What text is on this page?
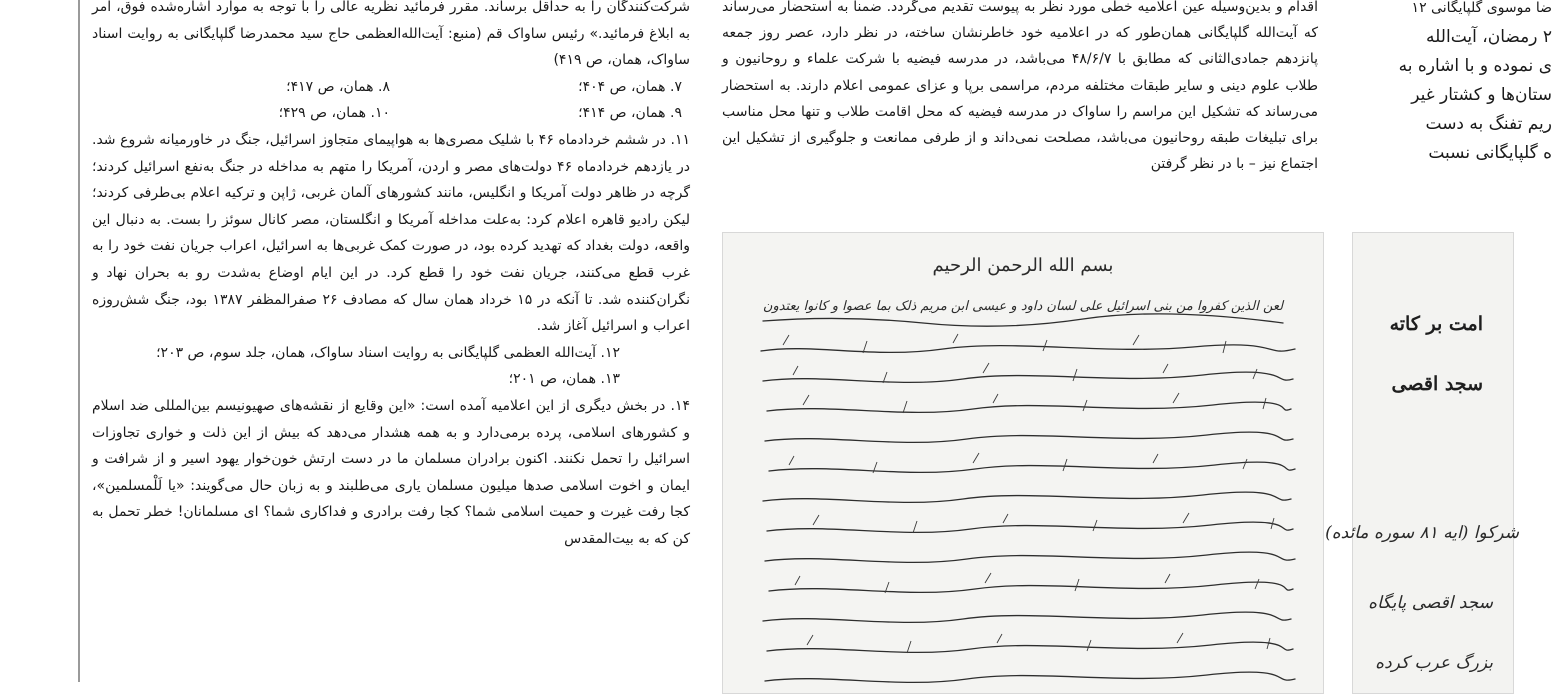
شرکت‌کنندگان را به حداقل برساند. مقرر فرمائید نظریه عالی را با توجه به موارد اشاره‌شده فوق، امر به ابلاغ فرمائید.» رئیس ساواک قم (منبع: آیت‌الله‌العظمی حاج سید محمدرضا گلپایگانی به روایت اسناد ساواک، همان، ص ۴۱۹)

۷. همان، ص ۴۰۴؛
۸. همان، ص ۴۱۷؛
۹. همان، ص ۴۱۴؛
۱۰. همان، ص ۴۲۹؛

۱۱. در ششم خردادماه ۴۶ با شلیک مصری‌ها به هواپیمای متجاوز اسرائیل، جنگ در خاورمیانه شروع شد. در یازدهم خردادماه ۴۶ دولت‌های مصر و اردن، آمریکا را متهم به مداخله در جنگ به‌نفع اسرائیل کردند؛ گرچه در ظاهر دولت آمریکا و انگلیس، مانند کشورهای آلمان غربی، ژاپن و ترکیه اعلام بی‌طرفی کردند؛ لیکن رادیو قاهره اعلام کرد: به‌علت مداخله آمریکا و انگلستان، مصر کانال سوئز را بست. به دنبال این واقعه، دولت بغداد که تهدید کرده بود، در صورت کمک غربی‌ها به اسرائیل، اعراب جریان نفت خود را به غرب قطع می‌کنند، جریان نفت خود را قطع کرد. در این ایام اوضاع به‌شدت رو به بحران نهاد و نگران‌کننده شد. تا آنکه در ۱۵ خرداد همان سال که مصادف ۲۶ صفرالمظفر ۱۳۸۷ بود، جنگ شش‌روزه اعراب و اسرائیل آغاز شد.

۱۲. آیت‌الله العظمی گلپایگانی به روایت اسناد ساواک، همان، جلد سوم، ص ۲۰۳؛

۱۳. همان، ص ۲۰۱؛

۱۴. در بخش دیگری از این اعلامیه آمده است: «این وقایع از نقشه‌های صهیونیسم بین‌المللی ضد اسلام و کشورهای اسلامی، پرده برمی‌دارد و به همه هشدار می‌دهد که بیش از این ذلت و خواری تجاوزات اسرائیل را تحمل نکنند. اکنون برادران مسلمان ما در دست ارتش خون‌خوار یهود اسیر و از شرافت و ایمان و اخوت اسلامی صدها میلیون مسلمان یاری می‌طلبند و به زبان حال می‌گویند: «یا لَلْمسلمین»، کجا رفت غیرت و حمیت اسلامی شما؟ کجا رفت برادری و فداکاری شما؟ ای مسلمانان! خطر تحمل به کن که به بیت‌المقدس

اقدام و بدین‌وسیله عین اعلامیه خطی مورد نظر به پیوست تقدیم می‌گردد. ضمناً به استحضار می‌رساند که آیت‌الله گلپایگانی همان‌طور که در اعلامیه خود خاطرنشان ساخته، در نظر دارد، عصر روز جمعه پانزدهم جمادی‌الثانی که مطابق با ۴۸/۶/۷ می‌باشد، در مدرسه فیضیه با شرکت علماء و روحانیون و طلاب علوم دینی و سایر طبقات مختلفه مردم، مراسمی برپا و عزای عمومی اعلام دارند. به استحضار می‌رساند که تشکیل این مراسم را ساواک در مدرسه فیضیه که محل اقامت طلاب و تنها محل مناسب برای تبلیغات طبقه روحانیون می‌باشد، مصلحت نمی‌داند و از طرفی ممانعت و جلوگیری از تشکیل این اجتماع نیز – با در نظر گرفتن

بسم الله الرحمن الرحیم
لعن الذین کفروا من بنی اسرائیل علی لسان داود و عیسی ابن مریم ذلک بما عصوا و کانوا یعتدون
ضا موسوی گلپایگانی ۱۲
۲ رمضان، آیت‌الله
ی نموده و با اشاره به
ستان‌ها و کشتار غیر
ریم تفنگ به دست
ه گلپایگانی نسبت
امت بر کاته
سجد اقصی
شرکوا (ایه ۸۱ سوره مائده)
سجد اقصی پایگاه
بزرگ عرب کرده
